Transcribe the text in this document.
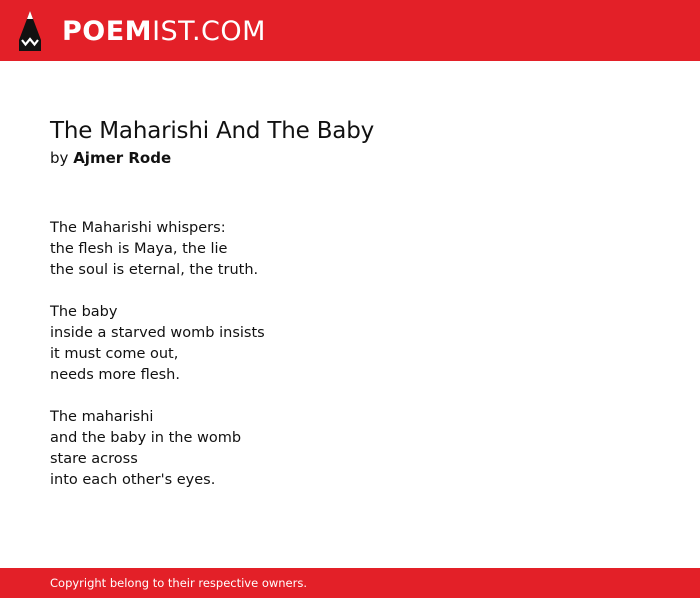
POEMIST.COM
The Maharishi And The Baby
by Ajmer Rode
The Maharishi whispers:
the flesh is Maya, the lie
the soul is eternal, the truth.
The baby
inside a starved womb insists
it must come out,
needs more flesh.
The maharishi
and the baby in the womb
stare across
into each other's eyes.
Copyright belong to their respective owners.
